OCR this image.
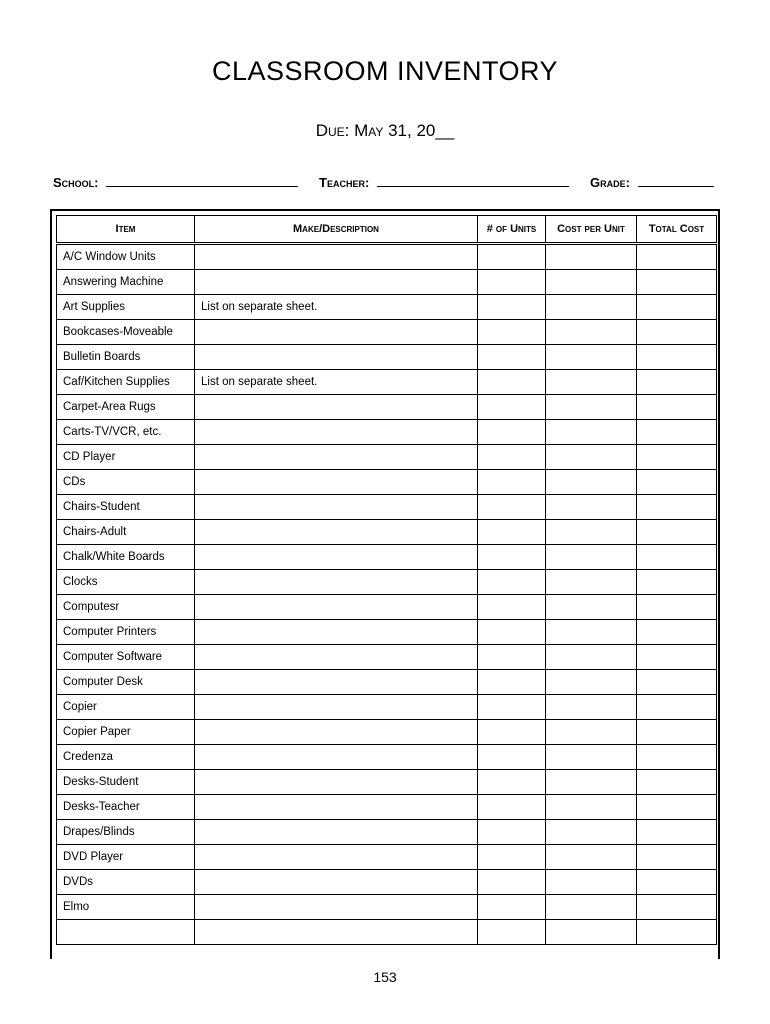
CLASSROOM INVENTORY
Due: May 31, 20__
School:	Teacher:	Grade:
Item	Make/Description	# of Units	Cost per Unit	Total Cost
A/C Window Units				
Answering Machine				
Art Supplies	List on separate sheet.			
Bookcases-Moveable				
Bulletin Boards				
Caf/Kitchen Supplies	List on separate sheet.			
Carpet-Area Rugs				
Carts-TV/VCR, etc.				
CD Player				
CDs				
Chairs-Student				
Chairs-Adult				
Chalk/White Boards				
Clocks				
Computesr				
Computer Printers				
Computer Software				
Computer Desk				
Copier				
Copier Paper				
Credenza				
Desks-Student				
Desks-Teacher				
Drapes/Blinds				
DVD Player				
DVDs				
Elmo				

153
